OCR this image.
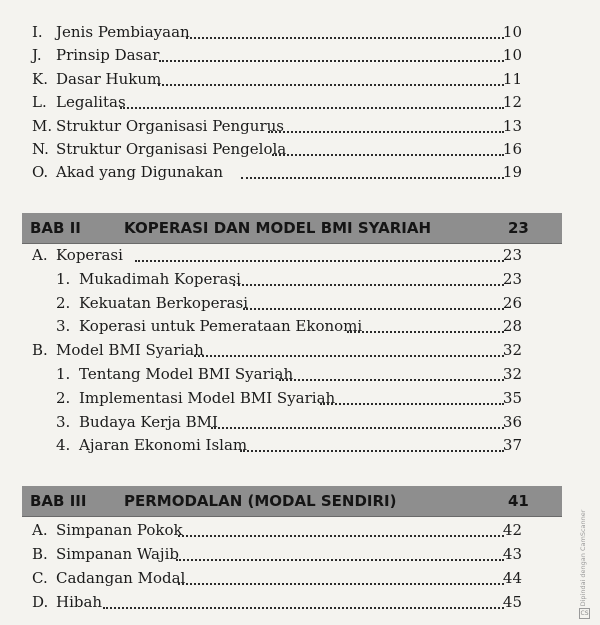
I. Jenis Pembiayaan	10
J. Prinsip Dasar	10
K. Dasar Hukum	11
L. Legalitas	12
M. Struktur Organisasi Pengurus	13
N. Struktur Organisasi Pengelola	16
O. Akad yang Digunakan	19
BAB II	KOPERASI DAN MODEL BMI SYARIAH	23
A. Koperasi	23
1. Mukadimah Koperasi	23
2. Kekuatan Berkoperasi	26
3. Koperasi untuk Pemerataan Ekonomi	28
B. Model BMI Syariah	32
1. Tentang Model BMI Syariah	32
2. Implementasi Model BMI Syariah	35
3. Budaya Kerja BMI	36
4. Ajaran Ekonomi Islam	37
BAB III	PERMODALAN (MODAL SENDIRI)	41
A. Simpanan Pokok	42
B. Simpanan Wajib	43
C. Cadangan Modal	44
D. Hibah	45	Dipindai dengan CamScanner
CS
